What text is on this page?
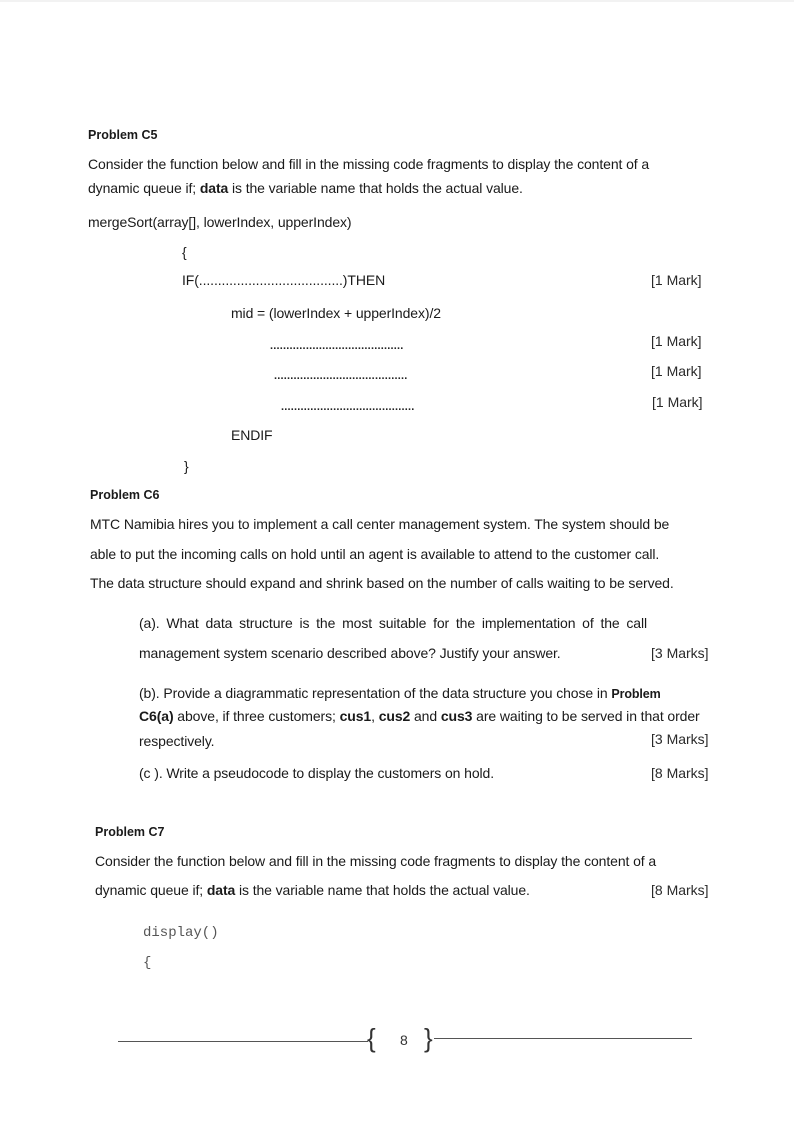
Problem C5
Consider the function below and fill in the missing code fragments to display the content of a
dynamic queue if; data is the variable name that holds the actual value.
mergeSort(array[], lowerIndex, upperIndex)
{
IF(......................................)THEN	[1 Mark]
mid = (lowerIndex + upperIndex)/2
.........................................	[1 Mark]
.........................................	[1 Mark]
.........................................	[1 Mark]
ENDIF
}
Problem C6
MTC Namibia hires you to implement a call center management system. The system should be
able to put the incoming calls on hold until an agent is available to attend to the customer call.
The data structure should expand and shrink based on the number of calls waiting to be served.
(a). What data structure is the most suitable for the implementation of the call
management system scenario described above? Justify your answer.	[3 Marks]
(b). Provide a diagrammatic representation of the data structure you chose in Problem
C6(a) above, if three customers; cus1, cus2 and cus3 are waiting to be served in that order
respectively.	[3 Marks]
(c ). Write a pseudocode to display the customers on hold.	[8 Marks]
Problem C7
Consider the function below and fill in the missing code fragments to display the content of a
dynamic queue if; data is the variable name that holds the actual value.	[8 Marks]
display()
{
{ 8 }
